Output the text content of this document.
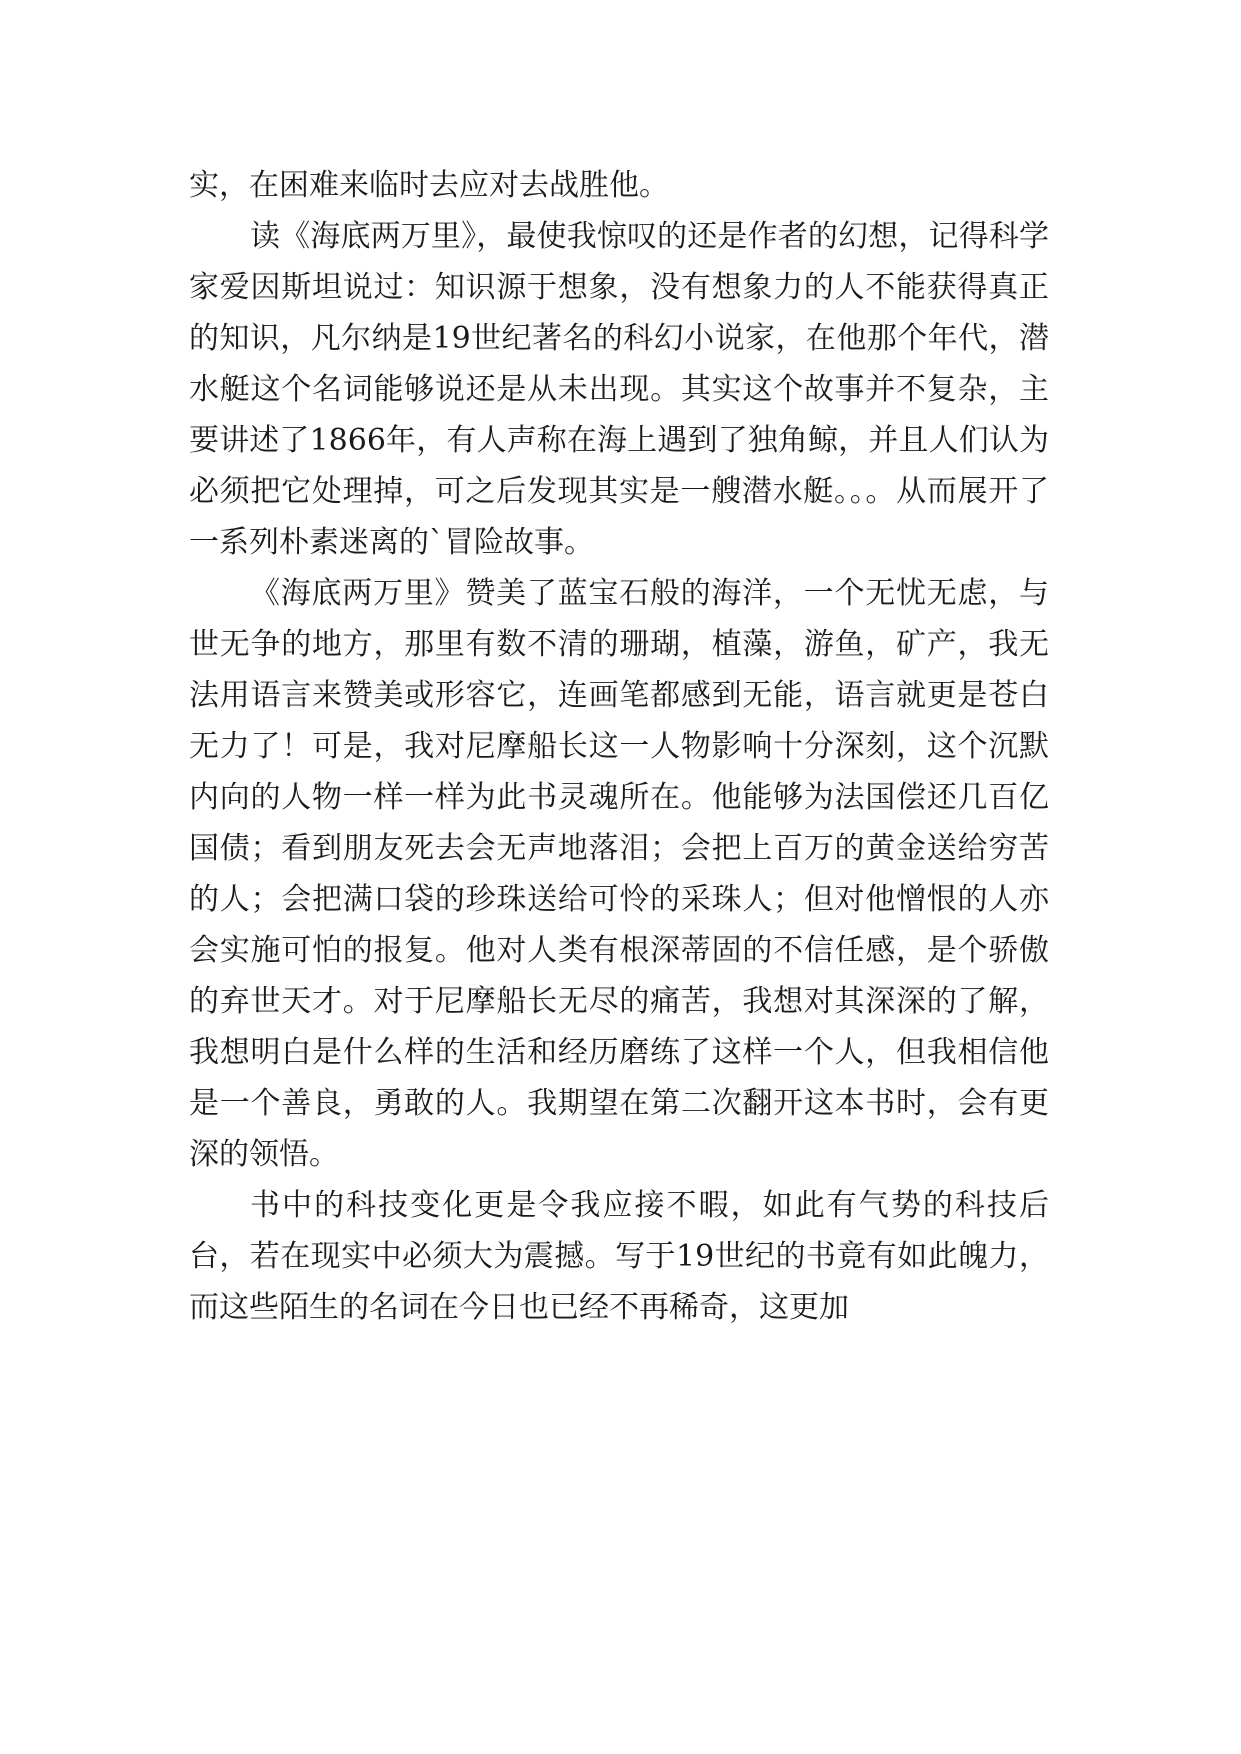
实，在困难来临时去应对去战胜他。

读《海底两万里》，最使我惊叹的还是作者的幻想，记得科学家爱因斯坦说过：知识源于想象，没有想象力的人不能获得真正的知识，凡尔纳是19世纪著名的科幻小说家，在他那个年代，潜水艇这个名词能够说还是从未出现。其实这个故事并不复杂，主要讲述了1866年，有人声称在海上遇到了独角鲸，并且人们认为必须把它处理掉，可之后发现其实是一艘潜水艇。。。从而展开了一系列朴素迷离的`冒险故事。

《海底两万里》赞美了蓝宝石般的海洋，一个无忧无虑，与世无争的地方，那里有数不清的珊瑚，植藻，游鱼，矿产，我无法用语言来赞美或形容它，连画笔都感到无能，语言就更是苍白无力了！可是，我对尼摩船长这一人物影响十分深刻，这个沉默内向的人物一样一样为此书灵魂所在。他能够为法国偿还几百亿国债；看到朋友死去会无声地落泪；会把上百万的黄金送给穷苦的人；会把满口袋的珍珠送给可怜的采珠人；但对他憎恨的人亦会实施可怕的报复。他对人类有根深蒂固的不信任感，是个骄傲的弃世天才。对于尼摩船长无尽的痛苦，我想对其深深的了解，我想明白是什么样的生活和经历磨练了这样一个人，但我相信他是一个善良，勇敢的人。我期望在第二次翻开这本书时，会有更深的领悟。

书中的科技变化更是令我应接不暇，如此有气势的科技后台，若在现实中必须大为震撼。写于19世纪的书竟有如此魄力，而这些陌生的名词在今日也已经不再稀奇，这更加
